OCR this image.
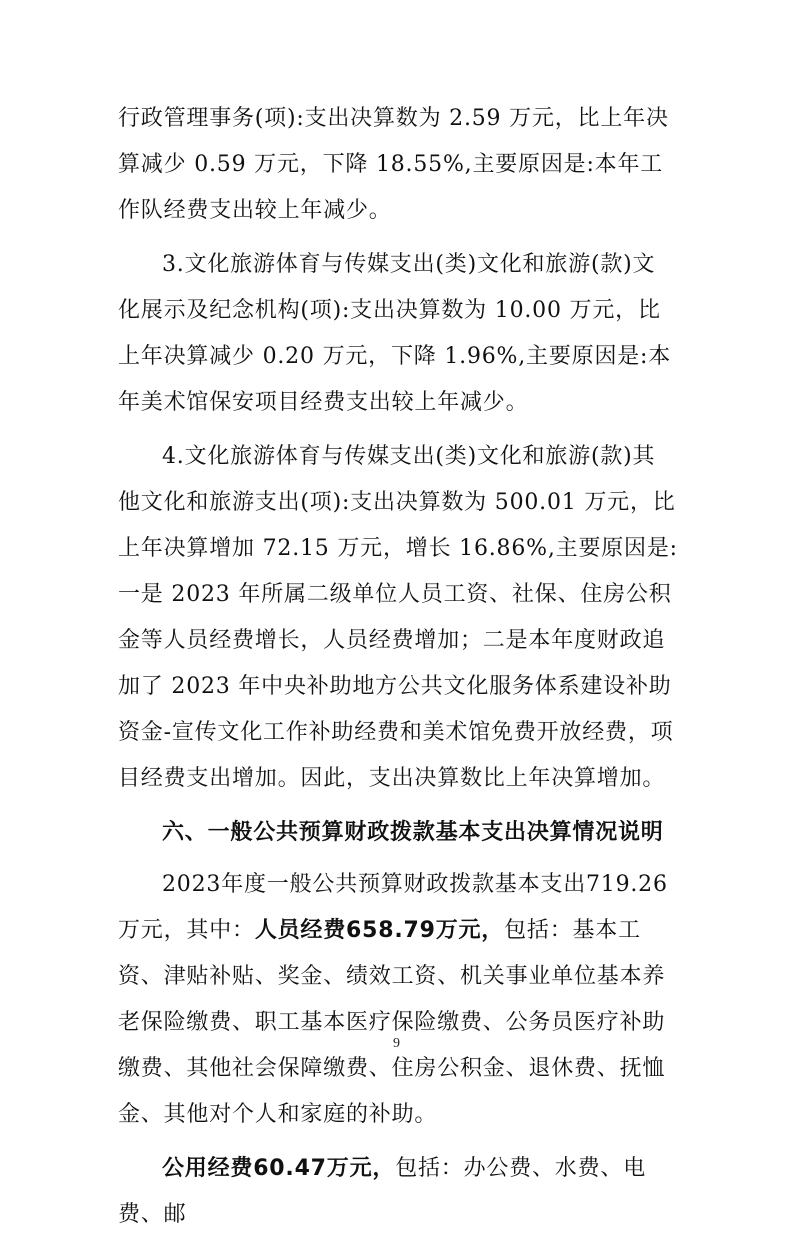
行政管理事务(项):支出决算数为 2.59 万元，比上年决算减少 0.59 万元，下降 18.55%,主要原因是:本年工作队经费支出较上年减少。

3.文化旅游体育与传媒支出(类)文化和旅游(款)文化展示及纪念机构(项):支出决算数为 10.00 万元，比上年决算减少 0.20 万元，下降 1.96%,主要原因是:本年美术馆保安项目经费支出较上年减少。

4.文化旅游体育与传媒支出(类)文化和旅游(款)其他文化和旅游支出(项):支出决算数为 500.01 万元，比上年决算增加 72.15 万元，增长 16.86%,主要原因是:一是 2023 年所属二级单位人员工资、社保、住房公积金等人员经费增长，人员经费增加；二是本年度财政追加了 2023 年中央补助地方公共文化服务体系建设补助资金-宣传文化工作补助经费和美术馆免费开放经费，项目经费支出增加。因此，支出决算数比上年决算增加。

六、一般公共预算财政拨款基本支出决算情况说明

2023年度一般公共预算财政拨款基本支出719.26万元，其中：人员经费658.79万元，包括：基本工资、津贴补贴、奖金、绩效工资、机关事业单位基本养老保险缴费、职工基本医疗保险缴费、公务员医疗补助缴费、其他社会保障缴费、住房公积金、退休费、抚恤金、其他对个人和家庭的补助。

公用经费60.47万元，包括：办公费、水费、电费、邮

9
